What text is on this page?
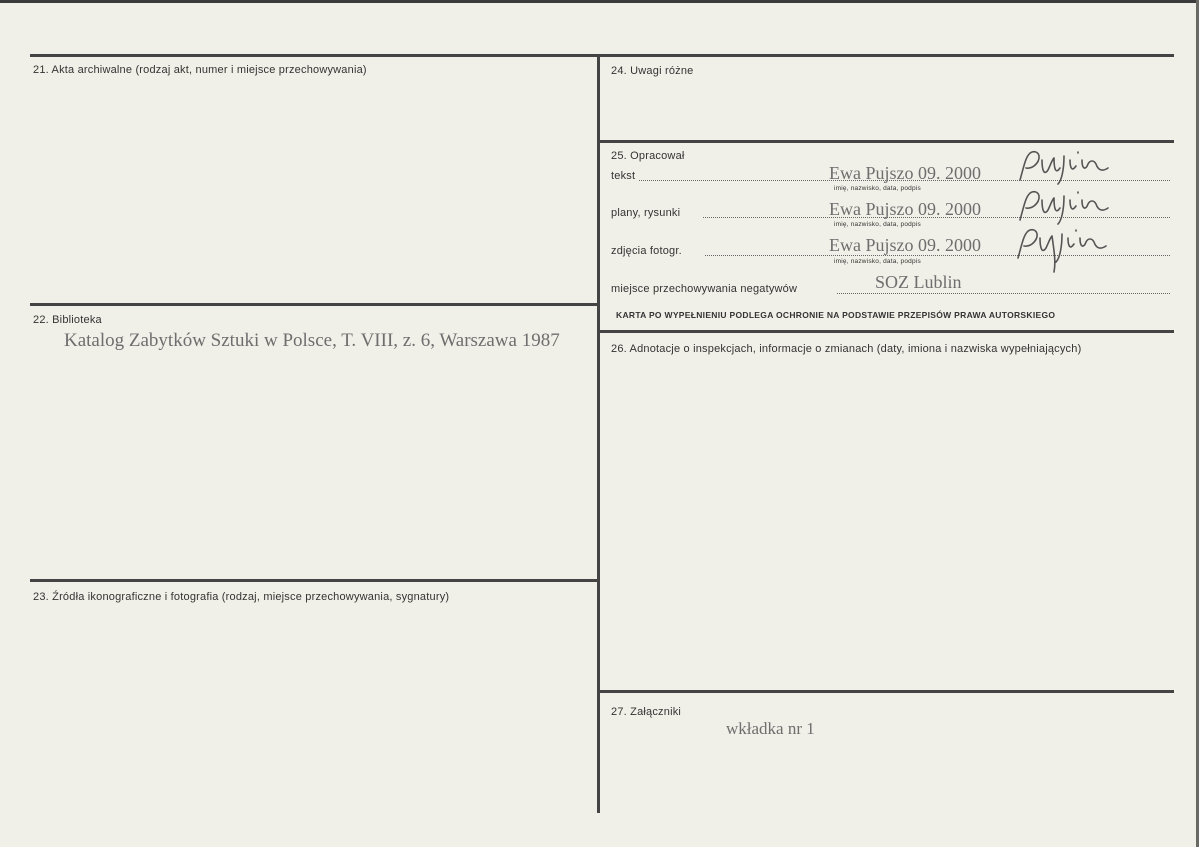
21. Akta archiwalne (rodzaj akt, numer i miejsce przechowywania)
22. Biblioteka
Katalog Zabytków Sztuki w Polsce, T. VIII, z. 6, Warszawa 1987
23. Źródła ikonograficzne i fotografia (rodzaj, miejsce przechowywania, sygnatury)
24. Uwagi różne
25. Opracował
tekst	Ewa Pujszo 09. 2000
imię, nazwisko, data, podpis
plany, rysunki	Ewa Pujszo 09. 2000
imię, nazwisko, data, podpis
zdjęcia fotogr.	Ewa Pujszo 09. 2000
imię, nazwisko, data, podpis
miejsce przechowywania negatywów	SOZ Lublin
KARTA PO WYPEŁNIENIU PODLEGA OCHRONIE NA PODSTAWIE PRZEPISÓW PRAWA AUTORSKIEGO
26. Adnotacje o inspekcjach, informacje o zmianach (daty, imiona i nazwiska wypełniających)
27. Załączniki
wkładka nr 1
